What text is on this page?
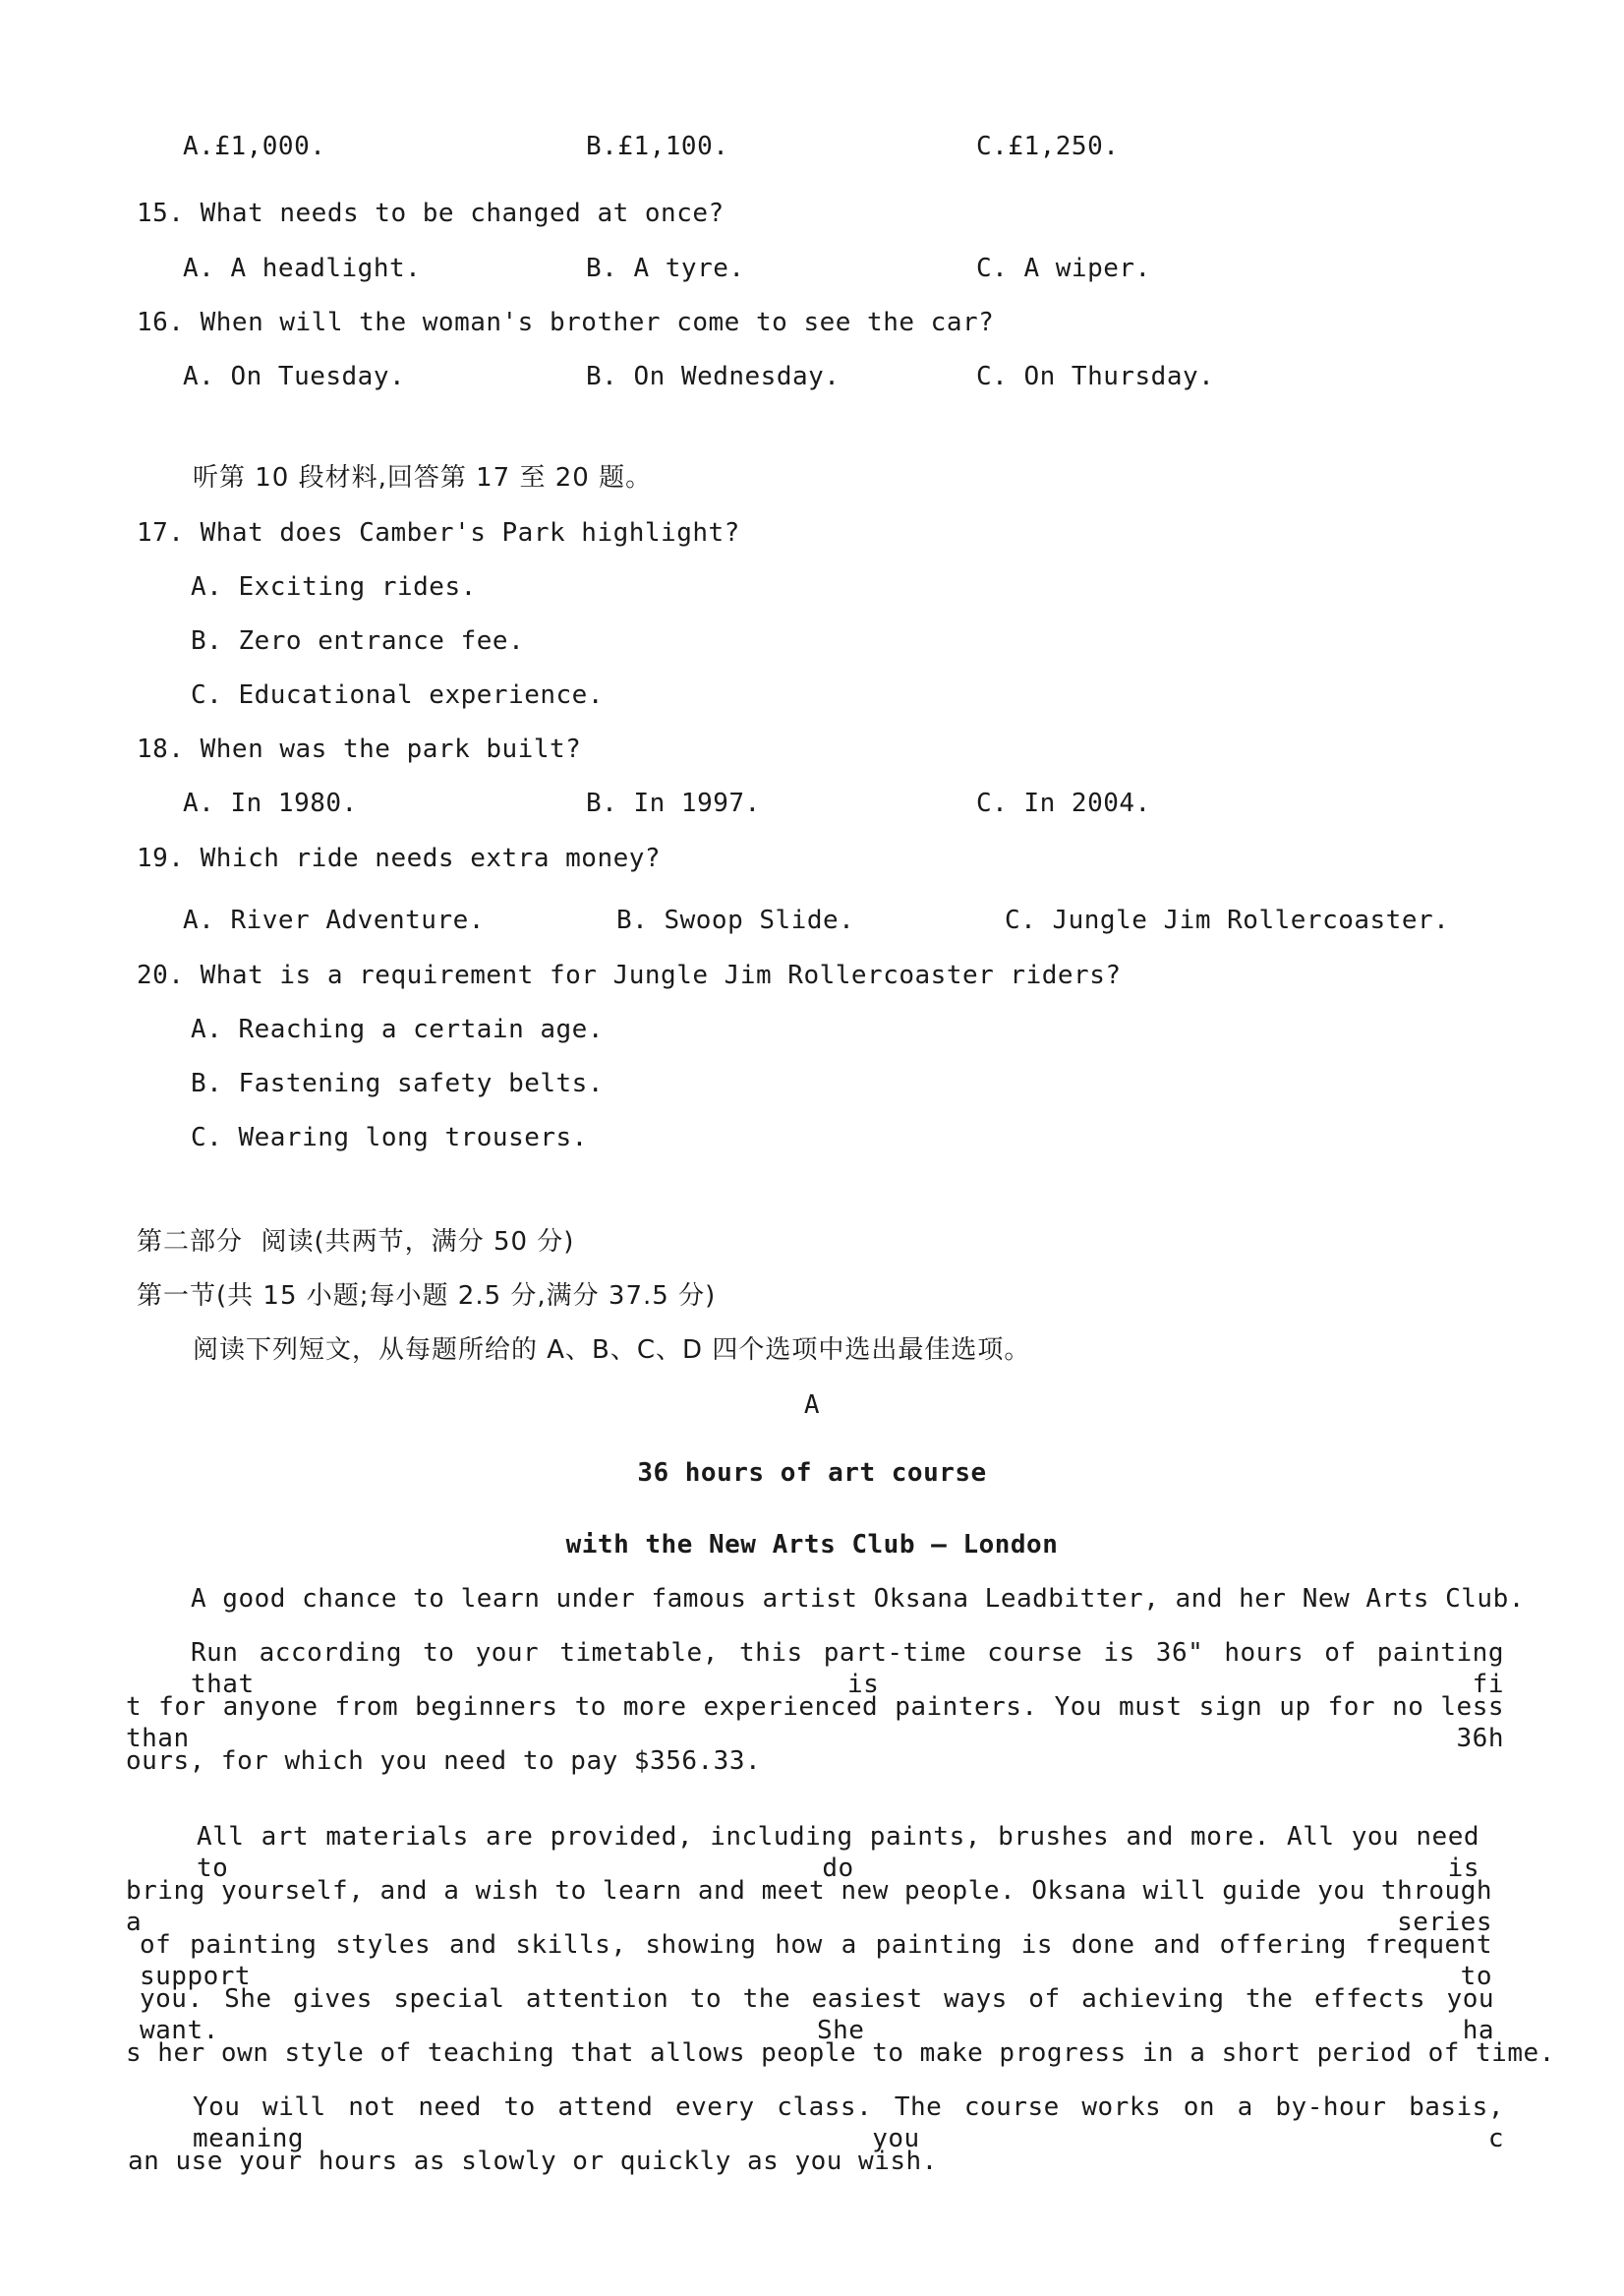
A.£1,000.	B.£1,100.	C.£1,250.
15. What needs to be changed at once?
A. A headlight.	B. A tyre.	C. A wiper.
16. When will the woman's brother come to see the car?
A. On Tuesday.	B. On Wednesday.	C. On Thursday.
听第 10 段材料,回答第 17 至 20 题。
17. What does Camber's Park highlight?
A. Exciting rides.
B. Zero entrance fee.
C. Educational experience.
18. When was the park built?
A. In 1980.	B. In 1997.	C. In 2004.
19. Which ride needs extra money?
A. River Adventure.	B. Swoop Slide.	C. Jungle Jim Rollercoaster.
20. What is a requirement for Jungle Jim Rollercoaster riders?
A. Reaching a certain age.
B. Fastening safety belts.
C. Wearing long trousers.
第二部分  阅读(共两节，满分 50 分)
第一节(共 15 小题;每小题 2.5 分,满分 37.5 分)
阅读下列短文，从每题所给的 A、B、C、D 四个选项中选出最佳选项。
A
36 hours of art course
with the New Arts Club — London
A good chance to learn under famous artist Oksana Leadbitter, and her New Arts Club.
Run according to your timetable, this part-time course is 36" hours of painting that is fi
t for anyone from beginners to more experienced painters. You must sign up for no less than 36h
ours, for which you need to pay $356.33.
All art materials are provided, including paints, brushes and more. All you need to do is
bring yourself, and a wish to learn and meet new people. Oksana will guide you through a series
of painting styles and skills, showing how a painting is done and offering frequent support to
you. She gives special attention to the easiest ways of achieving the effects you want. She ha
s her own style of teaching that allows people to make progress in a short period of time.
You will not need to attend every class. The course works on a by-hour basis, meaning you c
an use your hours as slowly or quickly as you wish.
